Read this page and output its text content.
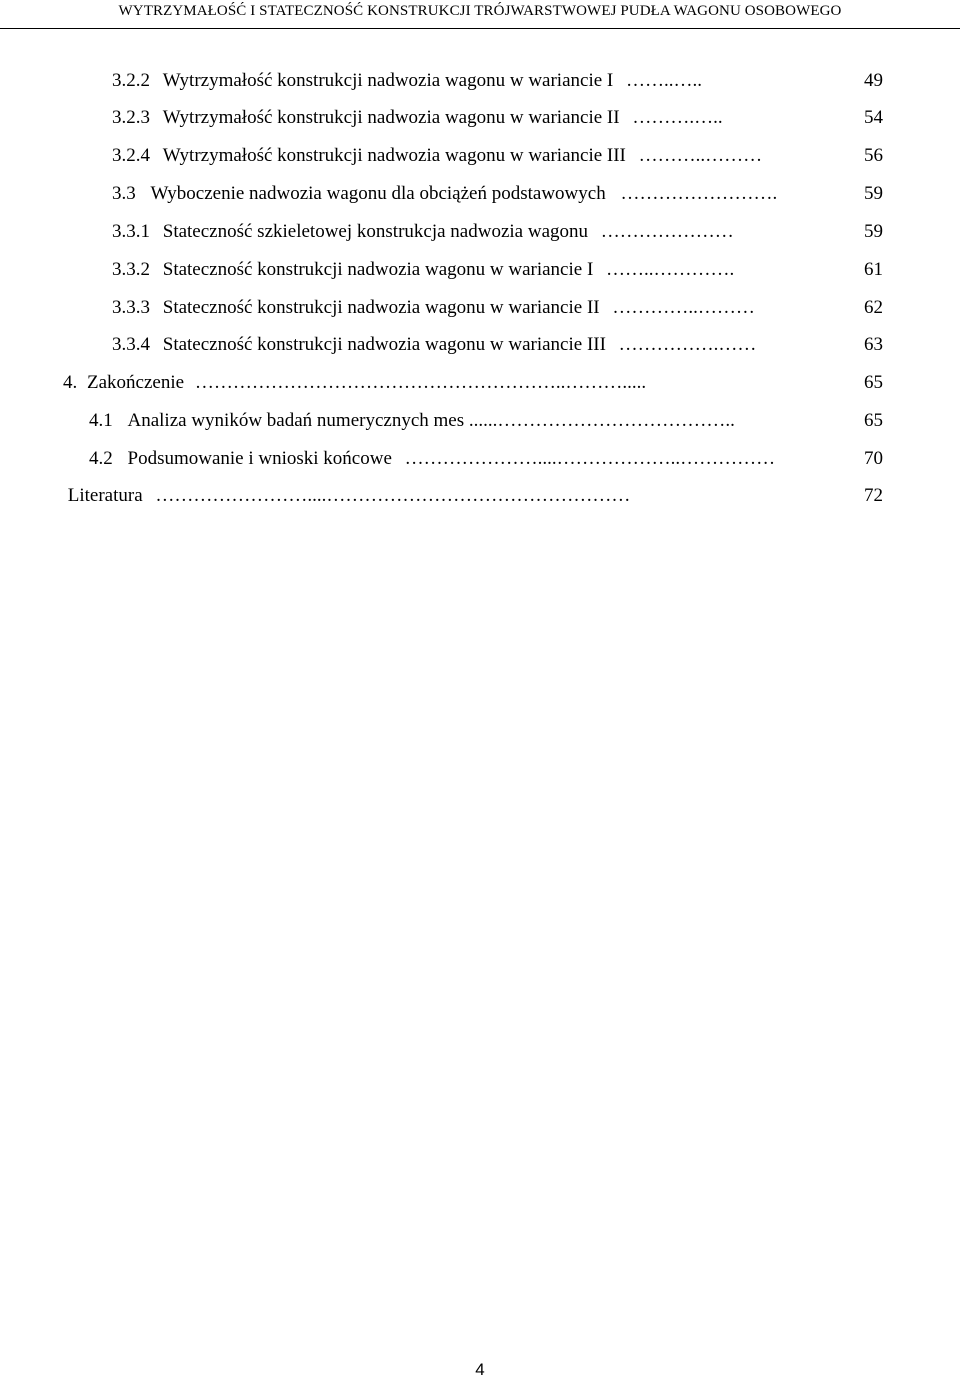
WYTRZYMAŁOŚĆ I STATECZNOŚĆ KONSTRUKCJI TRÓJWARSTWOWEJ PUDŁA WAGONU OSOBOWEGO
3.2.2 Wytrzymałość konstrukcji nadwozia wagonu w wariancie I ……..…..	49
3.2.3 Wytrzymałość konstrukcji nadwozia wagonu w wariancie II ……….…..	54
3.2.4 Wytrzymałość konstrukcji nadwozia wagonu w wariancie III ………..………	56
3.3 Wyboczenie nadwozia wagonu dla obciążeń podstawowych …………………….	59
3.3.1 Stateczność szkieletowej konstrukcja nadwozia wagonu …………………	59
3.3.2 Stateczność konstrukcji nadwozia wagonu w wariancie I ……..………….	61
3.3.3 Stateczność konstrukcji nadwozia wagonu w wariancie II …………..………	62
3.3.4 Stateczność konstrukcji nadwozia wagonu w wariancie III …………….……	63
4. Zakończenie …………………………………………………..……….....	65
4.1 Analiza wyników badań numerycznych mes ......………………………………..	65
4.2 Podsumowanie i wnioski końcowe …………………....………………..……………	70
Literatura ……………………....…………………………………………	72
4
